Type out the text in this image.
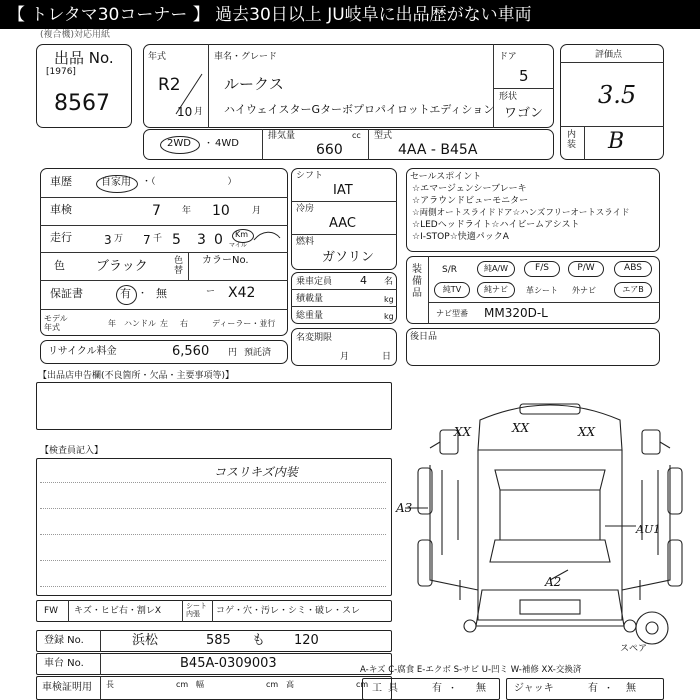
【 トレタマ30コーナー 】 過去30日以上 JU岐阜に出品歴がない車両
(複合機)対応用紙
出品 No.
[1976]
8567
年式
R2
10 月
車名・グレード
ルークス
ハイウェイスターGターボプロパイロットエディション
ドア
5
形状
ワゴン
評価点
3.5
内装 B
2WD ・ 4WD
排気量	cc
660
型式
4AA - B45A
車歴	自家用 ・（　　　　　　　　）
車検	7 年 10 月
走行	3 万 7 千 5 3 0 Km
マイル
色 ブラック	色替
カラーNo.
保証書	有 ・ 無	ー X42
モデル
年式	年 ハンドル 左 右	ディーラー・並行
リサイクル料金	6,560 円 預託済
シフト
IAT
冷房
AAC
燃料
ガソリン
乗車定員	4 名
積載量	kg
総重量	kg
名変期限
月	日
セールスポイント
☆エマージェンシーブレーキ
☆アラウンドビューモニター
☆両側オートスライドドア☆ハンズフリーオートスライド
☆LEDヘッドライト☆ハイビームアシスト
☆I-STOP☆快適パックA
装備品
S/R	純A/W	F/S	P/W	ABS
純TV	純ナビ	革シート 外ナビ	エアB
ナビ型番 MM320D-L
後日品
【出品店申告欄(不良箇所・欠品・主要事項等)】
【検査員記入】
コスリキズ内装
XX	XX	XX
A3
AU1
A2
スペア
FW キズ・ヒビ右・割レX	シート内張	コゲ・穴・汚レ・シミ・破レ・スレ
登録 No.	浜松	585 も 120
車台 No.	B45A-0309003
車検証明用 長	cm 幅	cm 高	cm
A-キズ C-腐食 E-エクボ S-サビ U-凹ミ W-補修 XX-交換済
工具	有 ・ 無	ジャッキ	有 ・ 無
